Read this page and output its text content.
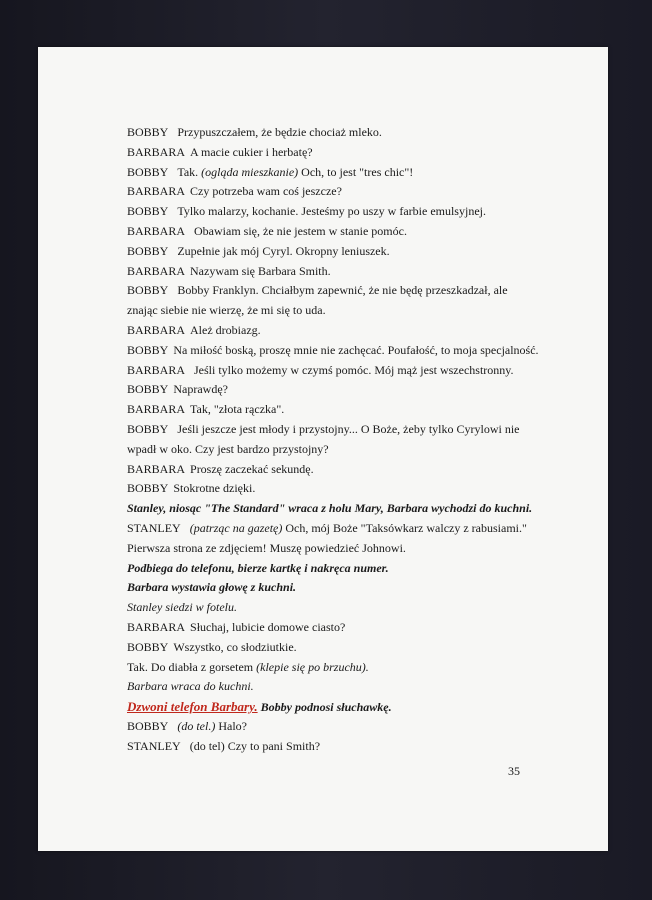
BOBBY Przypuszczałem, że będzie chociaż mleko.
BARBARA A macie cukier i herbatę?
BOBBY Tak. (ogląda mieszkanie) Och, to jest "tres chic"!
BARBARA Czy potrzeba wam coś jeszcze?
BOBBY Tylko malarzy, kochanie. Jesteśmy po uszy w farbie emulsyjnej.
BARBARA Obawiam się, że nie jestem w stanie pomóc.
BOBBY Zupełnie jak mój Cyryl. Okropny leniuszek.
BARBARA Nazywam się Barbara Smith.
BOBBY Bobby Franklyn. Chciałbym zapewnić, że nie będę przeszkadzał, ale
znając siebie nie wierzę, że mi się to uda.
BARBARA Ależ drobiazg.
BOBBY Na miłość boską, proszę mnie nie zachęcać. Poufałość, to moja specjalność.
BARBARA Jeśli tylko możemy w czymś pomóc. Mój mąż jest wszechstronny.
BOBBY Naprawdę?
BARBARA Tak, "złota rączka".
BOBBY Jeśli jeszcze jest młody i przystojny... O Boże, żeby tylko Cyrylowi nie
wpadł w oko. Czy jest bardzo przystojny?
BARBARA Proszę zaczekać sekundę.
BOBBY Stokrotne dzięki.
Stanley, niosąc "The Standard" wraca z holu Mary, Barbara wychodzi do kuchni.
STANLEY (patrząc na gazetę) Och, mój Boże "Taksówkarz walczy z rabusiami."
Pierwsza strona ze zdjęciem! Muszę powiedzieć Johnowi.
Podbiega do telefonu, bierze kartkę i nakręca numer.
Barbara wystawia głowę z kuchni.
Stanley siedzi w fotelu.
BARBARA Słuchaj, lubicie domowe ciasto?
BOBBY Wszystko, co słodziutkie.
Tak. Do diabła z gorsetem (klepie się po brzuchu).
Barbara wraca do kuchni.
Dzwoni telefon Barbary. Bobby podnosi słuchawkę.
BOBBY (do tel.) Halo?
STANLEY (do tel) Czy to pani Smith?
35
